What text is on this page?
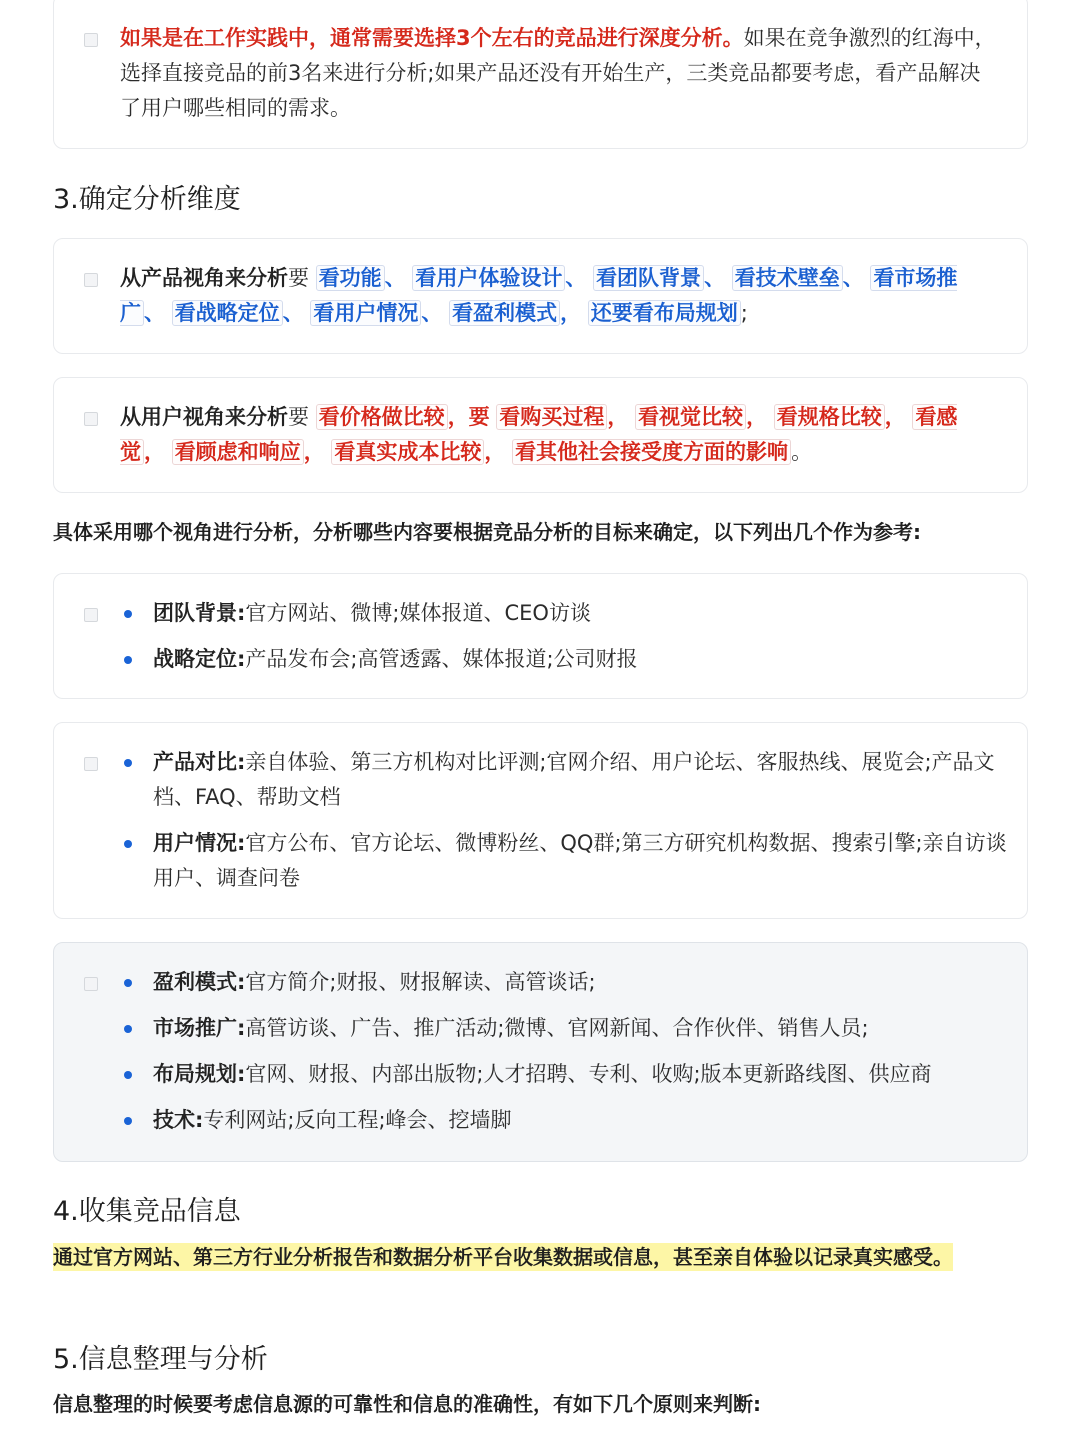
如果是在工作实践中，通常需要选择3个左右的竞品进行深度分析。如果在竞争激烈的红海中，选择直接竞品的前3名来进行分析;如果产品还没有开始生产，三类竞品都要考虑，看产品解决了用户哪些相同的需求。
3.确定分析维度
从产品视角来分析要 看功能 、 看用户体验设计 、 看团队背景 、 看技术壁垒 、 看市场推广 、 看战略定位 、 看用户情况 、 看盈利模式 ， 还要看布局规划 ;
从用户视角来分析要 看价格做比较 ，要 看购买过程 ， 看视觉比较 ， 看规格比较 ， 看感觉 ， 看顾虑和响应 ， 看真实成本比较 ， 看其他社会接受度方面的影响 。
具体采用哪个视角进行分析，分析哪些内容要根据竞品分析的目标来确定，以下列出几个作为参考:
团队背景:官方网站、微博;媒体报道、CEO访谈
战略定位:产品发布会;高管透露、媒体报道;公司财报
产品对比:亲自体验、第三方机构对比评测;官网介绍、用户论坛、客服热线、展览会;产品文档、FAQ、帮助文档
用户情况:官方公布、官方论坛、微博粉丝、QQ群;第三方研究机构数据、搜索引擎;亲自访谈用户、调查问卷
盈利模式:官方简介;财报、财报解读、高管谈话;
市场推广:高管访谈、广告、推广活动;微博、官网新闻、合作伙伴、销售人员;
布局规划:官网、财报、内部出版物;人才招聘、专利、收购;版本更新路线图、供应商
技术:专利网站;反向工程;峰会、挖墙脚
4.收集竞品信息
通过官方网站、第三方行业分析报告和数据分析平台收集数据或信息，甚至亲自体验以记录真实感受。
5.信息整理与分析
信息整理的时候要考虑信息源的可靠性和信息的准确性，有如下几个原则来判断:
